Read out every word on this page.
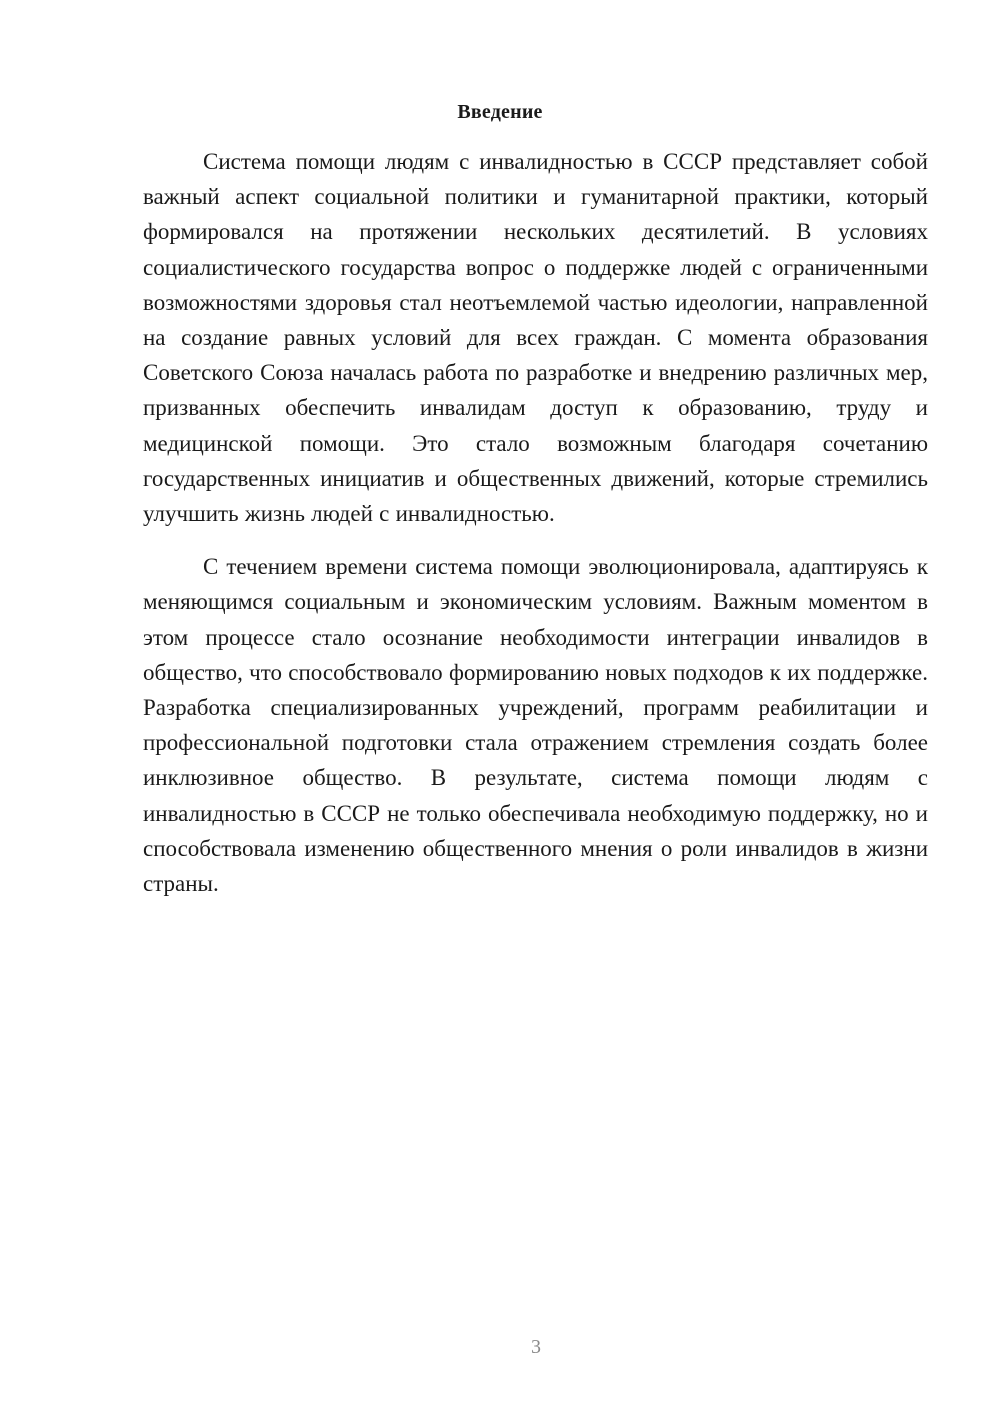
Введение

Система помощи людям с инвалидностью в СССР представляет собой важный аспект социальной политики и гуманитарной практики, который формировался на протяжении нескольких десятилетий. В условиях социалистического государства вопрос о поддержке людей с ограниченными возможностями здоровья стал неотъемлемой частью идеологии, направленной на создание равных условий для всех граждан. С момента образования Советского Союза началась работа по разработке и внедрению различных мер, призванных обеспечить инвалидам доступ к образованию, труду и медицинской помощи. Это стало возможным благодаря сочетанию государственных инициатив и общественных движений, которые стремились улучшить жизнь людей с инвалидностью.

С течением времени система помощи эволюционировала, адаптируясь к меняющимся социальным и экономическим условиям. Важным моментом в этом процессе стало осознание необходимости интеграции инвалидов в общество, что способствовало формированию новых подходов к их поддержке. Разработка специализированных учреждений, программ реабилитации и профессиональной подготовки стала отражением стремления создать более инклюзивное общество. В результате, система помощи людям с инвалидностью в СССР не только обеспечивала необходимую поддержку, но и способствовала изменению общественного мнения о роли инвалидов в жизни страны.

3
